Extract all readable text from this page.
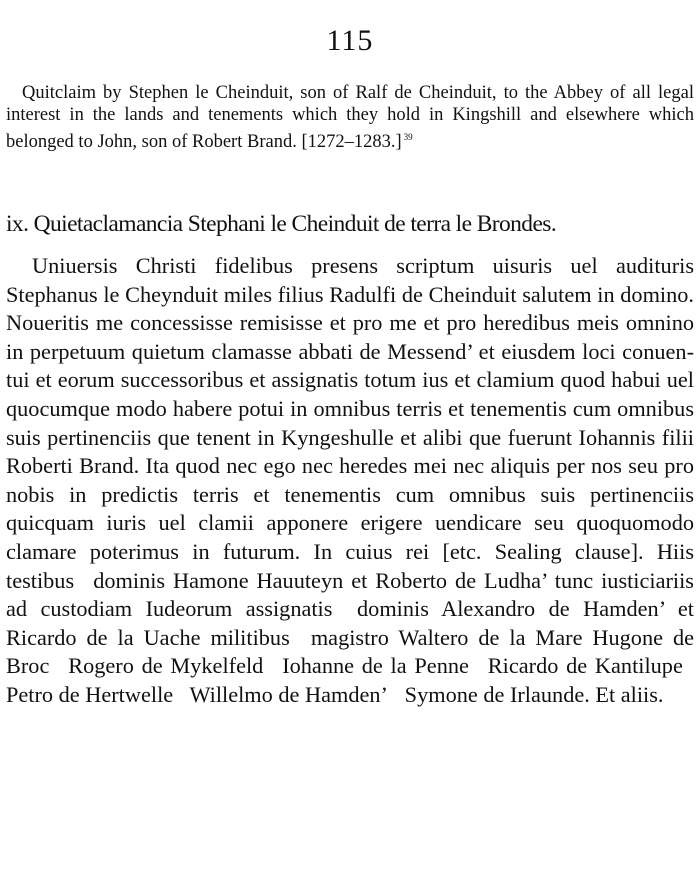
115
Quitclaim by Stephen le Cheinduit, son of Ralf de Cheinduit, to the Abbey of all legal interest in the lands and tenements which they hold in Kingshill and elsewhere which belonged to John, son of Robert Brand. [1272–1283.] $^{39}$
ix. Quietaclamancia Stephani le Cheinduit de terra le Brondes.
Uniuersis Christi fidelibus presens scriptum uisuris uel audituris Stephanus le Cheynduit miles filius Radulfi de Cheinduit salutem in domino. Noueritis me concessisse remisisse et pro me et pro heredibus meis omnino in perpetuum quietum clamasse abbati de Messend’ et eiusdem loci conuentui et eorum successoribus et assignatis totum ius et clamium quod habui uel quocumque modo habere potui in omnibus terris et tenementis cum omnibus suis pertinenciis que tenent in Kyngeshulle et alibi que fuerunt Iohannis filii Roberti Brand. Ita quod nec ego nec heredes mei nec aliquis per nos seu pro nobis in predictis terris et tenementis cum omnibus suis pertinenciis quicquam iuris uel clamii apponere erigere uendicare seu quoquomodo clamare poterimus in futurum. In cuius rei [etc. Sealing clause]. Hiis testibus  dominis Hamone Hauuteyn et Roberto de Ludha’ tunc iusticiariis ad custodiam Iudeorum assignatis  dominis Alexandro de Hamden’ et Ricardo de la Uache militibus  magistro Waltero de la Mare Hugone de Broc  Rogero de Mykelfeld  Iohanne de la Penne  Ricardo de Kantilupe  Petro de Hertwelle  Willelmo de Hamden’  Symone de Irlaunde. Et aliis.
